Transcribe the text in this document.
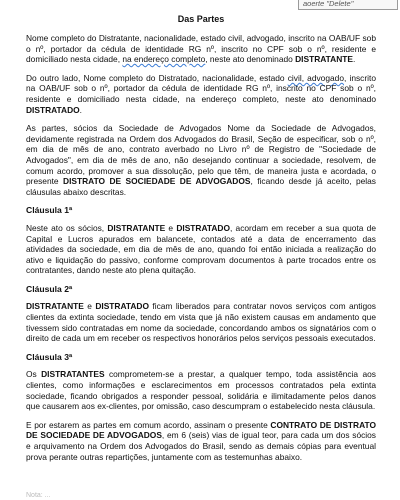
aoerte "Delete"
Das Partes

Nome completo do Distratante, nacionalidade, estado civil, advogado, inscrito na OAB/UF sob o nº, portador da cédula de identidade RG nº, inscrito no CPF sob o nº, residente e domiciliado nesta cidade, na endereço completo, neste ato denominado DISTRATANTE.

Do outro lado, Nome completo do Distratado, nacionalidade, estado civil, advogado, inscrito na OAB/UF sob o nº, portador da cédula de identidade RG nº, inscrito no CPF sob o nº, residente e domiciliado nesta cidade, na endereço completo, neste ato denominado DISTRATADO.

As partes, sócios da Sociedade de Advogados Nome da Sociedade de Advogados, devidamente registrada na Ordem dos Advogados do Brasil, Seção de especificar, sob o nº, em dia de mês de ano, contrato averbado no Livro nº de Registro de "Sociedade de Advogados", em dia de mês de ano, não desejando continuar a sociedade, resolvem, de comum acordo, promover a sua dissolução, pelo que têm, de maneira justa e acordada, o presente DISTRATO DE SOCIEDADE DE ADVOGADOS, ficando desde já aceito, pelas cláusulas abaixo descritas.

Cláusula 1ª

Neste ato os sócios, DISTRATANTE e DISTRATADO, acordam em receber a sua quota de Capital e Lucros apurados em balancete, contados até a data de encerramento das atividades da sociedade, em dia de mês de ano, quando foi então iniciada a realização do ativo e liquidação do passivo, conforme comprovam documentos à parte trocados entre os contratantes, dando neste ato plena quitação.

Cláusula 2ª

DISTRATANTE e DISTRATADO ficam liberados para contratar novos serviços com antigos clientes da extinta sociedade, tendo em vista que já não existem causas em andamento que tivessem sido contratadas em nome da sociedade, concordando ambos os signatários com o direito de cada um em receber os respectivos honorários pelos serviços pessoais executados.

Cláusula 3ª

Os DISTRATANTES comprometem-se a prestar, a qualquer tempo, toda assistência aos clientes, como informações e esclarecimentos em processos contratados pela extinta sociedade, ficando obrigados a responder pessoal, solidária e ilimitadamente pelos danos que causarem aos ex-clientes, por omissão, caso descumpram o estabelecido nesta cláusula.

E por estarem as partes em comum acordo, assinam o presente CONTRATO DE DISTRATO DE SOCIEDADE DE ADVOGADOS, em 6 (seis) vias de igual teor, para cada um dos sócios e arquivamento na Ordem dos Advogados do Brasil, sendo as demais cópias para eventual prova perante outras repartições, juntamente com as testemunhas abaixo.

Nota: ...
